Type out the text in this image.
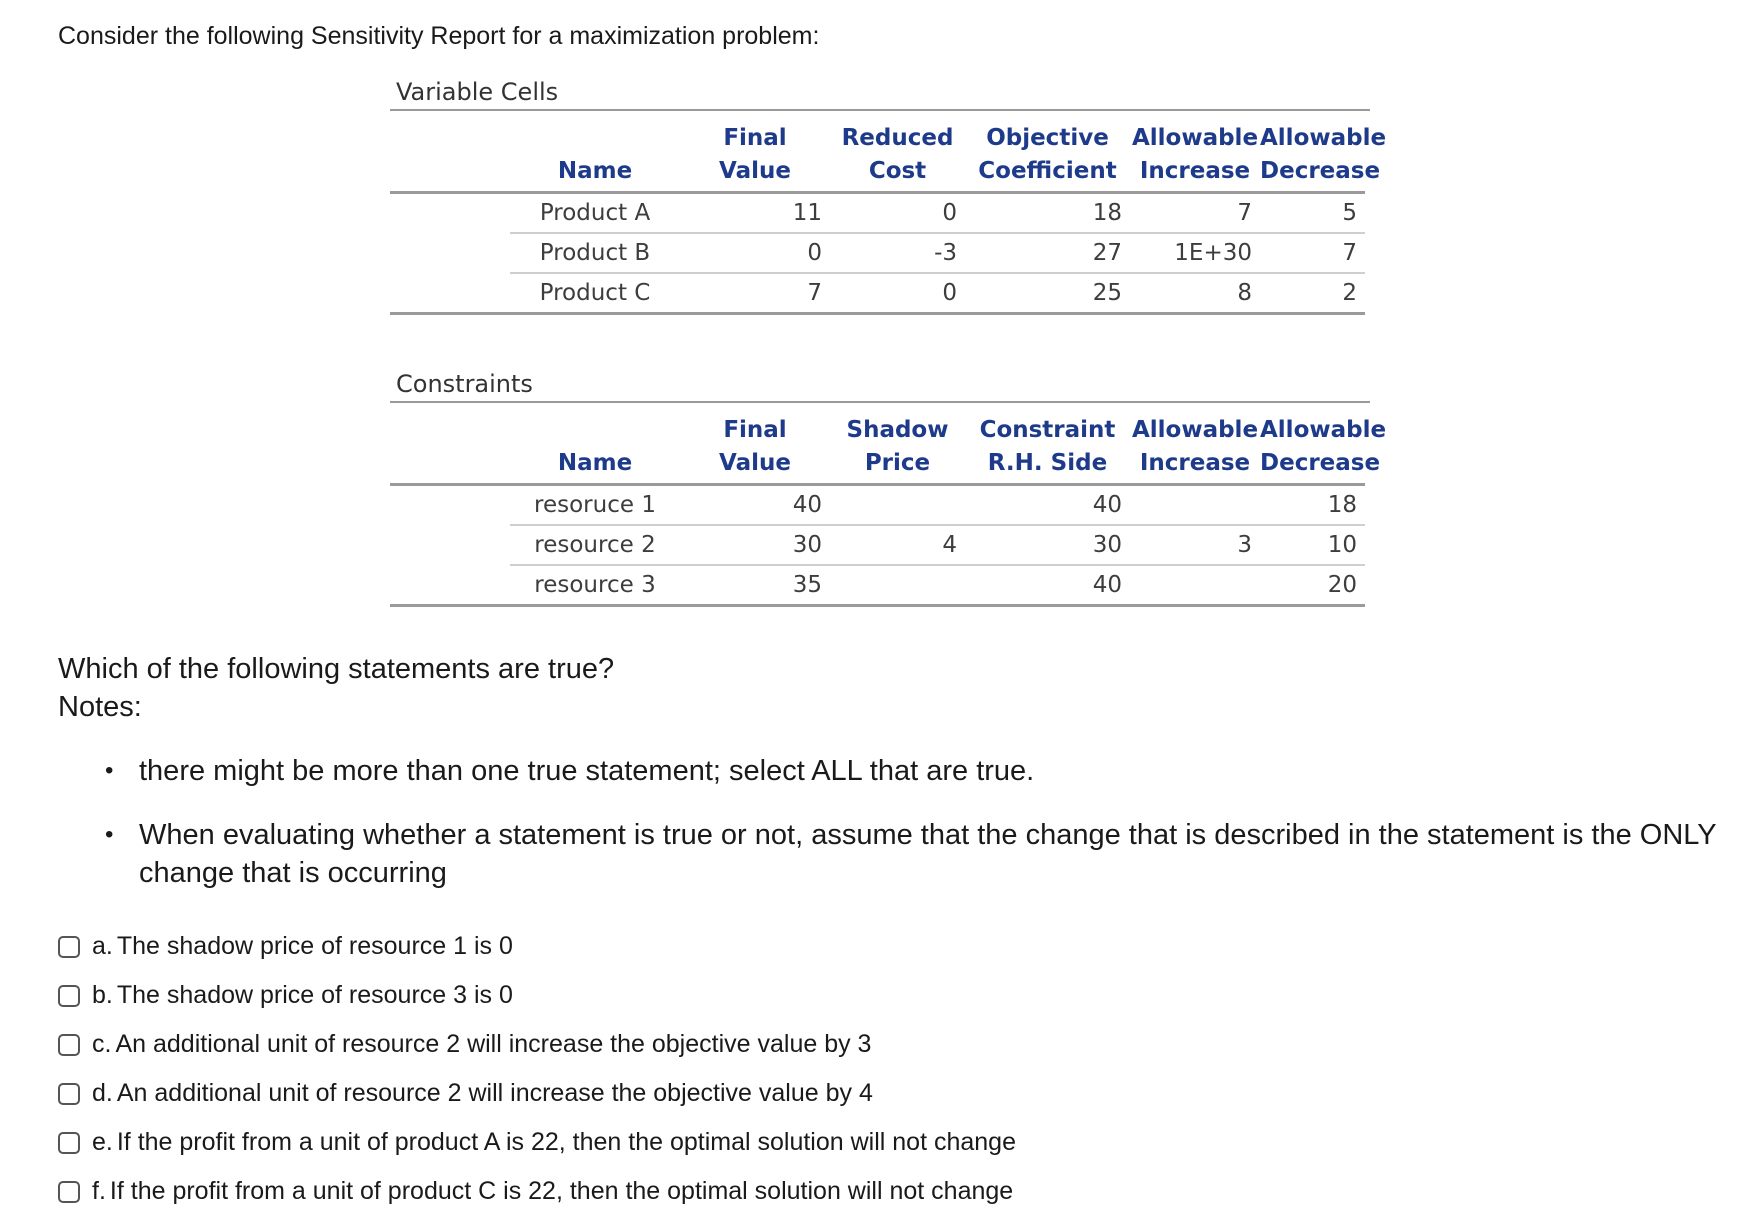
Consider the following Sensitivity Report for a maximization problem:

Variable Cells
		Final	Reduced	Objective	Allowable	Allowable
	Name	Value	Cost	Coefficient	Increase	Decrease
	Product A	11	0	18	7	5
	Product B	0	-3	27	1E+30	7
	Product C	7	0	25	8	2
Constraints
		Final	Shadow	Constraint	Allowable	Allowable
	Name	Value	Price	R.H. Side	Increase	Decrease
	resoruce 1	40		40		18
	resource 2	30	4	30	3	10
	resource 3	35		40		20

Which of the following statements are true?
Notes:

• there might be more than one true statement; select ALL that are true.
• When evaluating whether a statement is true or not, assume that the change that is described in the statement is the ONLY change that is occurring
a. The shadow price of resource 1 is 0
b. The shadow price of resource 3 is 0
c. An additional unit of resource 2 will increase the objective value by 3
d. An additional unit of resource 2 will increase the objective value by 4
e. If the profit from a unit of product A is 22, then the optimal solution will not change
f. If the profit from a unit of product C is 22, then the optimal solution will not change
